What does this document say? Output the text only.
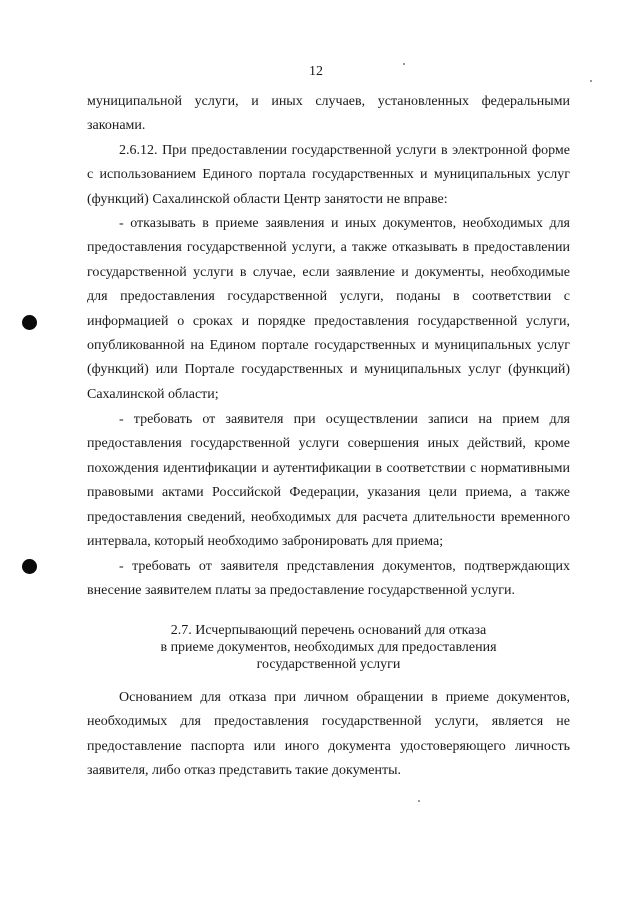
12

муниципальной услуги, и иных случаев, установленных федеральными законами.

2.6.12. При предоставлении государственной услуги в электронной форме с использованием Единого портала государственных и муниципальных услуг (функций) Сахалинской области Центр занятости не вправе:

- отказывать в приеме заявления и иных документов, необходимых для предоставления государственной услуги, а также отказывать в предоставлении государственной услуги в случае, если заявление и документы, необходимые для предоставления государственной услуги, поданы в соответствии с информацией о сроках и порядке предоставления государственной услуги, опубликованной на Едином портале государственных и муниципальных услуг (функций) или Портале государственных и муниципальных услуг (функций) Сахалинской области;

- требовать от заявителя при осуществлении записи на прием для предоставления государственной услуги совершения иных действий, кроме похождения идентификации и аутентификации в соответствии с нормативными правовыми актами Российской Федерации, указания цели приема, а также предоставления сведений, необходимых для расчета длительности временного интервала, который необходимо забронировать для приема;

- требовать от заявителя представления документов, подтверждающих внесение заявителем платы за предоставление государственной услуги.

2.7. Исчерпывающий перечень оснований для отказа
в приеме документов, необходимых для предоставления
государственной услуги

Основанием для отказа при личном обращении в приеме документов, необходимых для предоставления государственной услуги, является не предоставление паспорта или иного документа удостоверяющего личность заявителя, либо отказ представить такие документы.
